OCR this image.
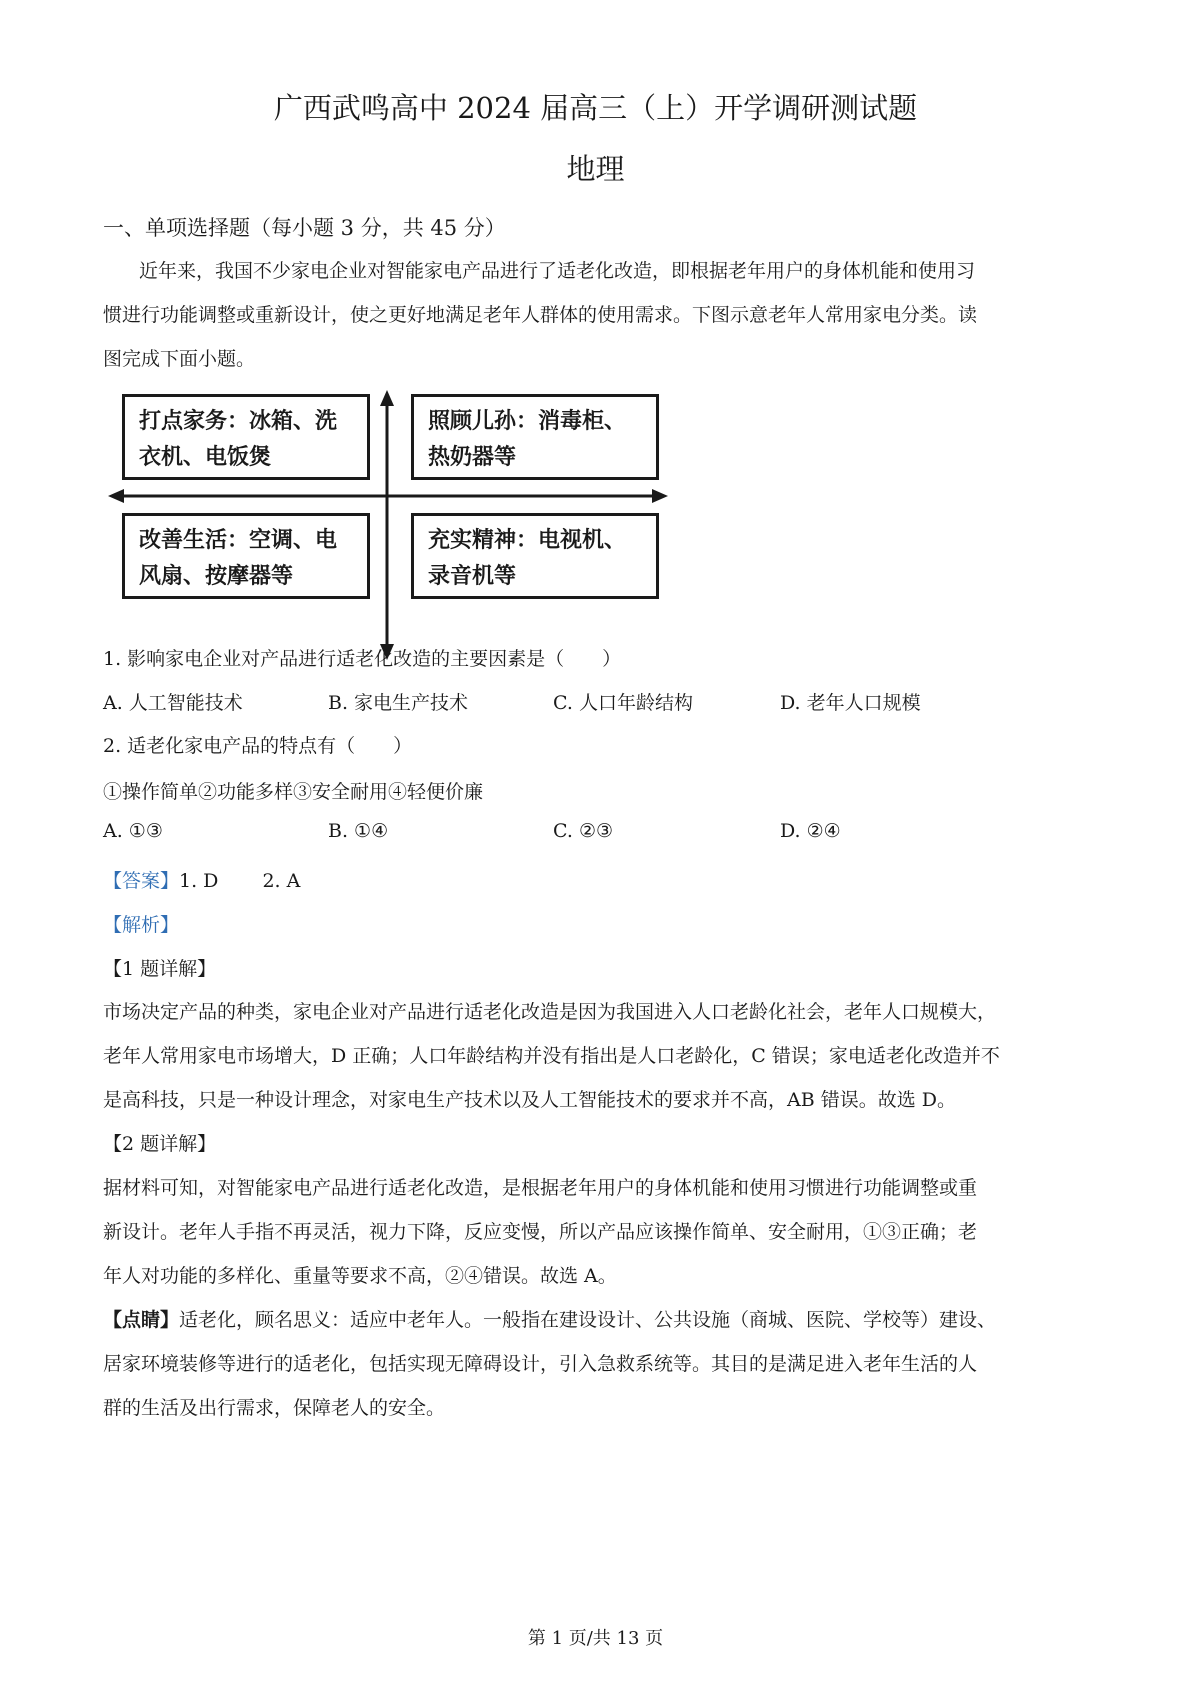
广西武鸣高中 2024 届高三（上）开学调研测试题
地理
一、单项选择题（每小题 3 分，共 45 分）
近年来，我国不少家电企业对智能家电产品进行了适老化改造，即根据老年用户的身体机能和使用习
惯进行功能调整或重新设计，使之更好地满足老年人群体的使用需求。下图示意老年人常用家电分类。读
图完成下面小题。
打点家务：冰箱、洗
衣机、电饭煲
照顾儿孙：消毒柜、
热奶器等
改善生活：空调、电
风扇、按摩器等
充实精神：电视机、
录音机等
1. 影响家电企业对产品进行适老化改造的主要因素是（　　）
A. 人工智能技术	B. 家电生产技术	C. 人口年龄结构	D. 老年人口规模
2. 适老化家电产品的特点有（　　）
①操作简单②功能多样③安全耐用④轻便价廉
A. ①③	B. ①④	C. ②③	D. ②④
【答案】1. D　　 2. A
【解析】
【1 题详解】
市场决定产品的种类，家电企业对产品进行适老化改造是因为我国进入人口老龄化社会，老年人口规模大，
老年人常用家电市场增大，D 正确；人口年龄结构并没有指出是人口老龄化，C 错误；家电适老化改造并不
是高科技，只是一种设计理念，对家电生产技术以及人工智能技术的要求并不高，AB 错误。故选 D。
【2 题详解】
据材料可知，对智能家电产品进行适老化改造，是根据老年用户的身体机能和使用习惯进行功能调整或重
新设计。老年人手指不再灵活，视力下降，反应变慢，所以产品应该操作简单、安全耐用，①③正确；老
年人对功能的多样化、重量等要求不高，②④错误。故选 A。
【点睛】适老化，顾名思义：适应中老年人。一般指在建设设计、公共设施（商城、医院、学校等）建设、
居家环境装修等进行的适老化，包括实现无障碍设计，引入急救系统等。其目的是满足进入老年生活的人
群的生活及出行需求，保障老人的安全。
第 1 页/共 13 页
